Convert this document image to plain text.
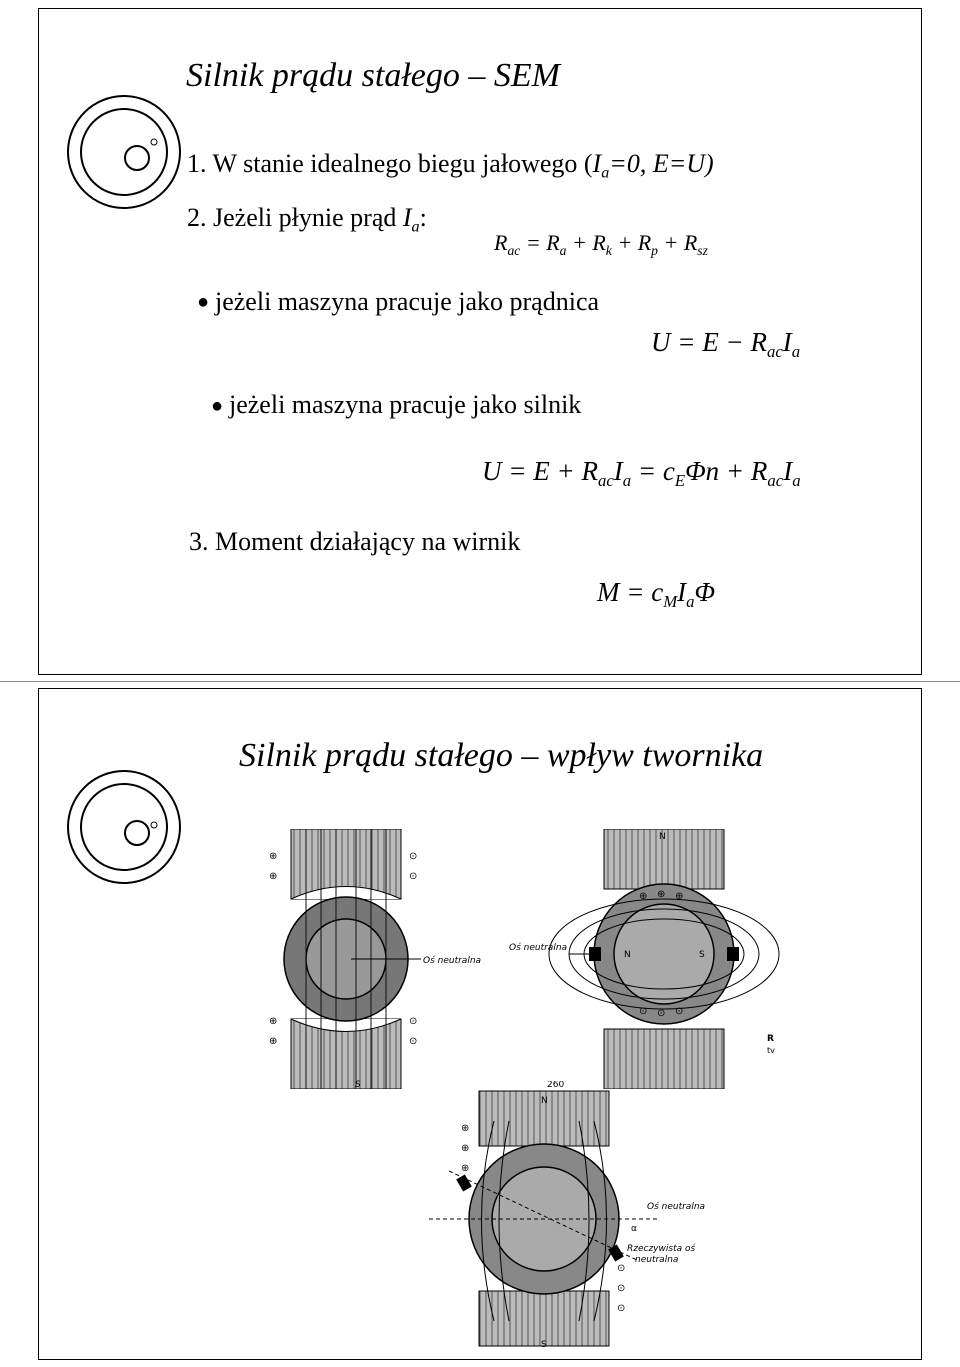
Silnik prądu stałego – SEM
1. W stanie idealnego biegu jałowego ($I_a=0$, E=U)
2. Jeżeli płynie prąd $I_a$:
$R_{ac} = R_a + R_k + R_p + R_{sz}$
● jeżeli maszyna pracuje jako prądnica
$U = E - R_{ac}I_a$
● jeżeli maszyna pracuje jako silnik
$U = E + R_{ac}I_a = c_E\Phi n + R_{ac}I_a$
3. Moment działający na wirnik
$M = c_MI_a\Phi$
Silnik prądu stałego – wpływ twornika
⊕
⊕
⊕
⊕
⊙
⊙
⊙
⊙
Oś neutralna
S
Oś neutralna
N
N	S
⊕ ⊕ ⊕
⊙ ⊙ ⊙
R
tv
260
N
S
α
Oś neutralna
Rzeczywista oś
neutralna
⊕
⊕
⊕
⊙
⊙
⊙
